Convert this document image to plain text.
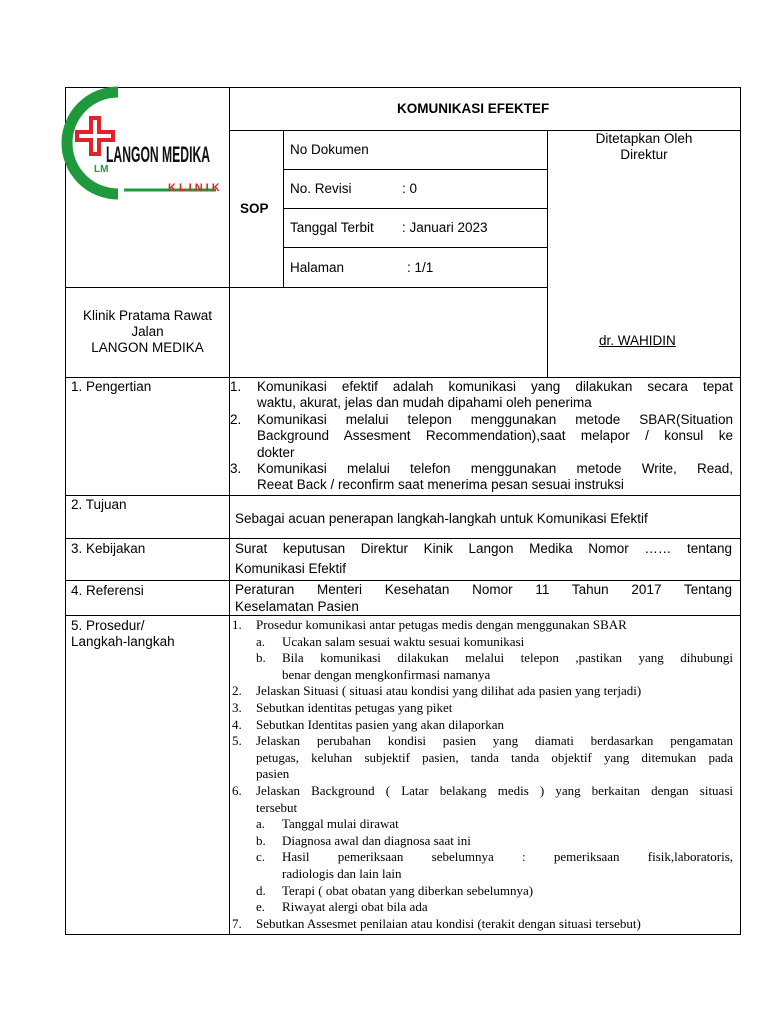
LM
LANGON MEDIKA
KLINIK
KOMUNIKASI EFEKTEF
SOP
No Dokumen
No. Revisi	: 0
Tanggal Terbit : Januari 2023
Halaman	: 1/1
Ditetapkan Oleh
Direktur
dr. WAHIDIN
Klinik Pratama Rawat
Jalan
LANGON MEDIKA
1. Pengertian
2. Tujuan
3. Kebijakan
4. Referensi
5. Prosedur/
Langkah-langkah
1. Komunikasi efektif adalah komunikasi yang dilakukan secara tepat
waktu, akurat, jelas dan mudah dipahami oleh penerima
2. Komunikasi melalui telepon menggunakan metode SBAR(Situation
Background Assesment Recommendation),saat melapor / konsul ke
dokter
3. Komunikasi melalui telefon menggunakan metode Write, Read,
Reeat Back / reconfirm saat menerima pesan sesuai instruksi
Sebagai acuan penerapan langkah-langkah untuk Komunikasi Efektif
Surat keputusan Direktur Kinik Langon Medika Nomor …… tentang
Komunikasi Efektif
Peraturan Menteri Kesehatan Nomor 11 Tahun 2017 Tentang
Keselamatan Pasien
1. Prosedur komunikasi antar petugas medis dengan menggunakan SBAR
a. Ucakan salam sesuai waktu sesuai komunikasi
b. Bila komunikasi dilakukan melalui telepon ,pastikan yang dihubungi
benar dengan mengkonfirmasi namanya
2. Jelaskan Situasi ( situasi atau kondisi yang dilihat ada pasien yang terjadi)
3. Sebutkan identitas petugas yang piket
4. Sebutkan Identitas pasien yang akan dilaporkan
5. Jelaskan perubahan kondisi pasien yang diamati berdasarkan pengamatan
petugas, keluhan subjektif pasien, tanda tanda objektif yang ditemukan pada
pasien
6. Jelaskan Background ( Latar belakang medis ) yang berkaitan dengan situasi
tersebut
a. Tanggal mulai dirawat
b. Diagnosa awal dan diagnosa saat ini
c. Hasil pemeriksaan sebelumnya : pemeriksaan fisik,laboratoris,
radiologis dan lain lain
d. Terapi ( obat obatan yang diberkan sebelumnya)
e. Riwayat alergi obat bila ada
7. Sebutkan Assesmet penilaian atau kondisi (terakit dengan situasi tersebut)
